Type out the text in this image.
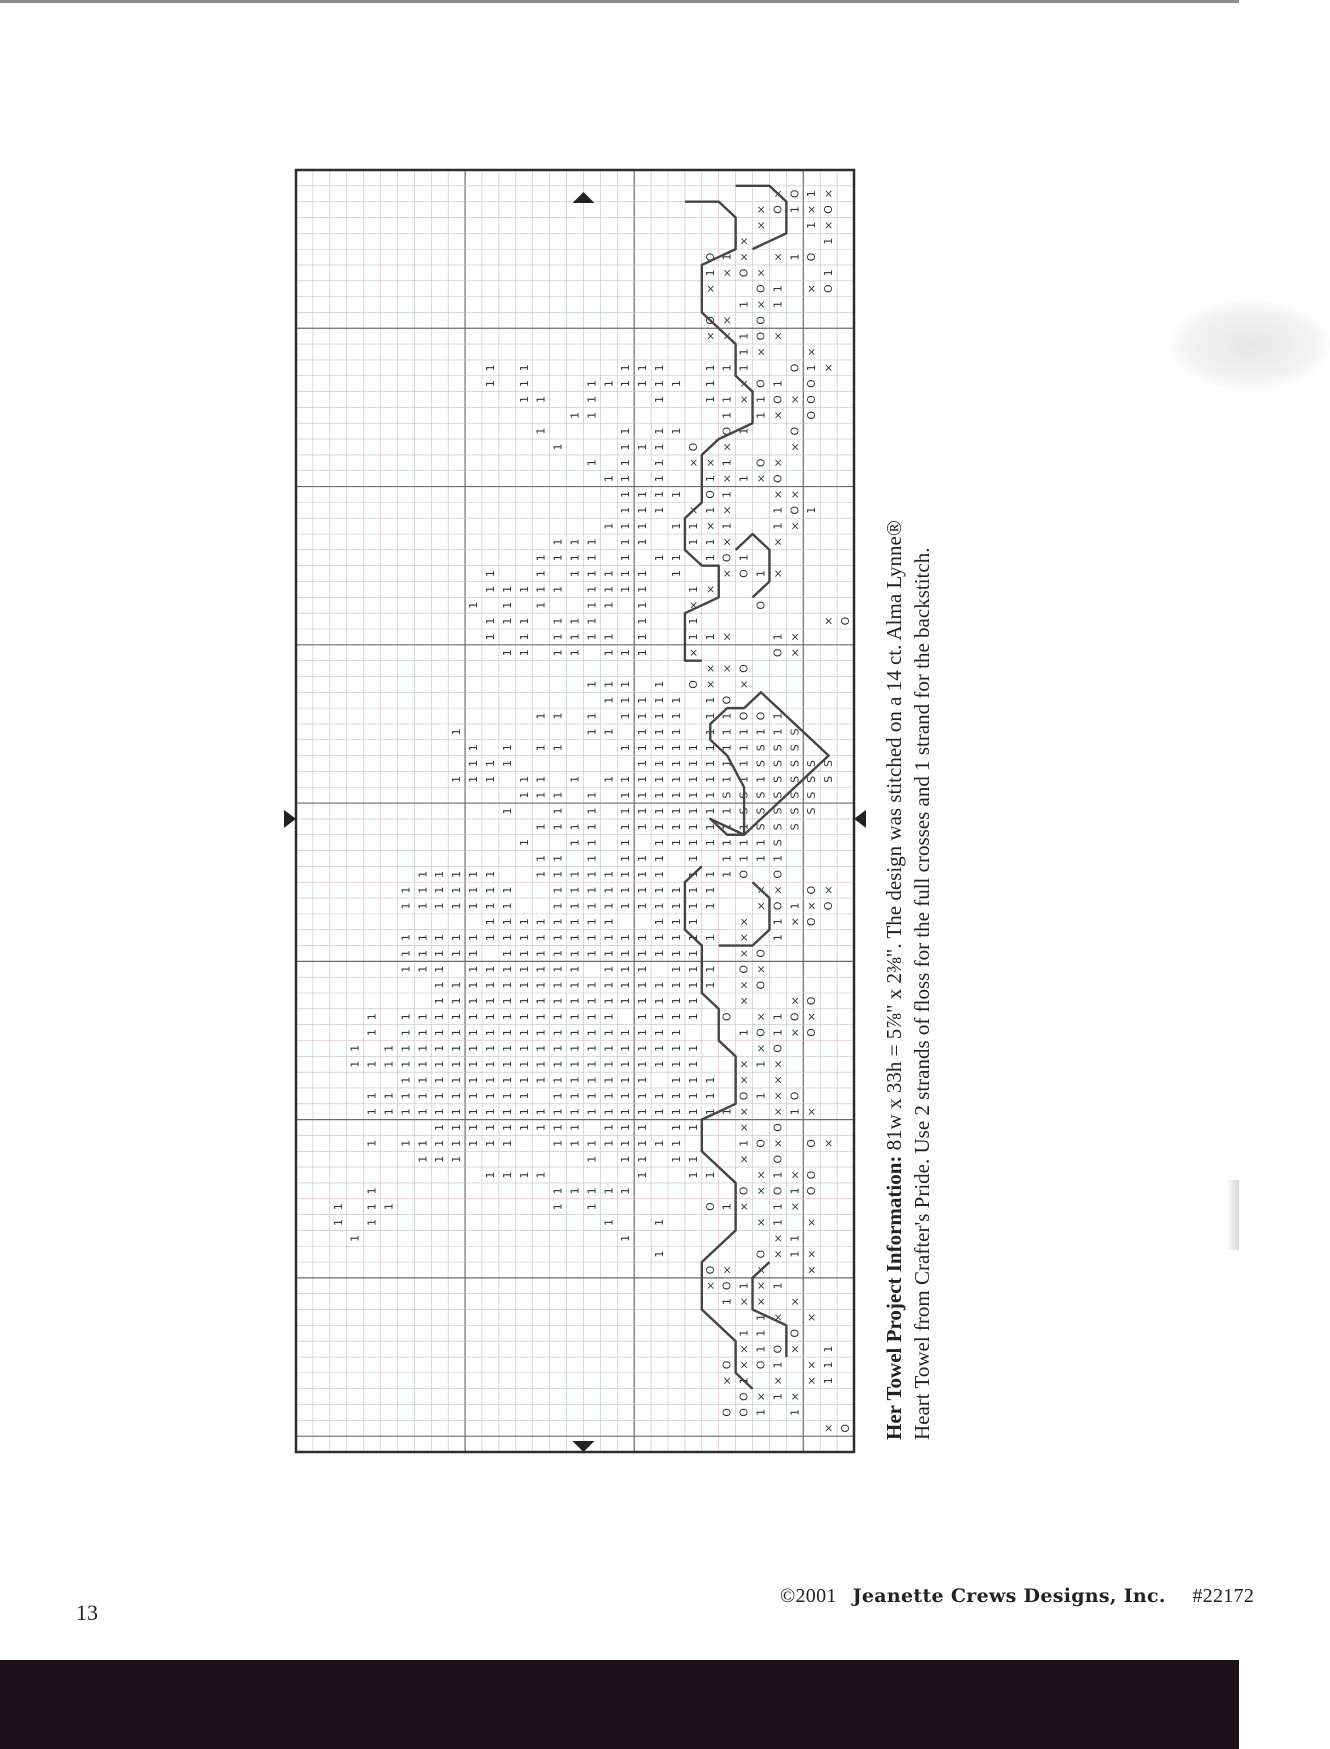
× O 1 ×
× O 1 × O
×	1 ×
×	1
O 1 × × 1 O
1 × O ×	1
×	O 1 × O
1 × 1
O × O
× × 1 O ×
1 ×	×
1 1	1 1 1	1 1 1	O 1 ×
1 1	1 1 1 1 1 1 1 × O 1 O
1 1	1	1	1 1 × 1 O × O
1 1	1 1 × O
1	1 1 1	O 1	O
1	1 1 1 O ×	×
1 1 1 × × 1 O ×
1 1 1	1 × 1 × O
1 1 1 1 O 1	× ×
1 1 1 × 1 ×	1 O 1
1 1 1 1 1 × 1	1 ×
1 1 1 1 1	1 1 ×	×
1 1 1 1 1 1 1 1 O 1
1	1 1 1 1 1 1 1	× O 1 ×
1 1 1 1 1 1 1 1 1	1 ×
1 1 1	1 1 1	×	O
1 1 1 1 1 1	1	1	× O
1 1 1 1 1 1 1	1 1 ×	1 ×
1 1 1 1 1 1 1	×	O ×
× × O
1 1 1 1 O × ×
1 1 1 1 1 1 O
1 1 1 1 1 1 1 1 1 O O 1
1	1 1 1 1 1 1 1 1 1 1 S
1 1 1 1	1 1 1 1 1 1 1 1 S S S
1 1 1	1 1 1 1 1 1 1 S S S S S
1 1 1 1 1 1 1 1 1 1 1 1 1 1 1 1 S S S S
1 1 1 1 1 1 1 1 1 1 S S S S S S
1	1 1 1 1 1 1 1 1 1 S S S S S
1 1 1 1 1 1 1 1 1 1 1 1 S S S
1	1 1 1 1 1 1 1 1 1 1 S
1 1 1 1 1 1 1 1 1 1 1
1 1 1 1 1	1 1 1 1 1 1 1 1 1 1 1 O O
1 1 1 1 1 1 1	1 1 1 1 1 1 1 1 1 1	× × O ×
1 1 1 1 1 1 1	1 1 1 1 1 1 1 1 1 1	× O 1 × O
1 1 1 1 1 1 1 1	1 1 1	× 1 × O
1 1 1 1 1 1 1 1 1 1 1 1 1 1 1 1 1 1 1 × 1
1 1 1 1 1 1 1 1 1 1 1 1 1 1 1 1 1	× O
1 1 1 1 1 1 1 1 1 1 1 1 1 1 1 1 O ×
1 1 1 1 1 1 1 1 1 1 1 1 1 1 1 1 1 × O
1 1 1 1 1 1 1 1 1 1 1 1 1 1 1 1	×	× O
1 1 1 1 1 1 1 1 1 1 1 1 1 1 1 1 1 1 O × 1 O ×
1 1 1 1 1 1 1 1 1 1 1 1 1 1 1 1 1 1	1 O 1 × O
1 1 1 1 1 1 1 1 1 1 1 1 1 1 1 1 1 1 1 1	× O
1 1 1 1 1 1 1 1 1 1 1 1 1 1 1 1 1 1 1 1 1	× 1 ×
1 1 1 1 1 1 1 1 1 1 1 1 1 1 1 1 1 1 × ×
1 1 1 1 1 1 1 1 1 1 1 1 1 1 1 1 1 1 1 1 O 1 × O
1 1 1 1 1 1 1 1 1 1 1 1 1 1 1 1 1 1 1 1 1 1 × × 1 ×
1 1 1 1 1 1 1 1 1 1 1 1 1 1	× O
1 1 1 1 1 1 1 1	1 1 1 1 1 1 1 1	1 O × O ×
1 1 1	1 1 1 1 1	× O
1 1 1 1	1	1 1	× 1 × O
1	1 1 1 1 1	O × O 1 O
1 1 1	1 1	O 1 × 1 ×
1 1	1	1	× 1 ×
1	1	× 1
1	O × 1 ×
O × ×	×
× O 1 × 1
1 × × ×
1 × ×
1 1 O
× 1 O × 1
O × O 1 × 1
× 1 × × 1
O × 1 ×
O O 1 1
× O Her Towel Project Information: 81w x 33h = 5⅞" x 2⅜". The design was stitched on a 14 ct. Alma Lynne® Heart Towel from Crafter's Pride. Use 2 strands of floss for the full crosses and 1 strand for the backstitch.
13
©2001 Jeanette Crews Designs, Inc. #22172
